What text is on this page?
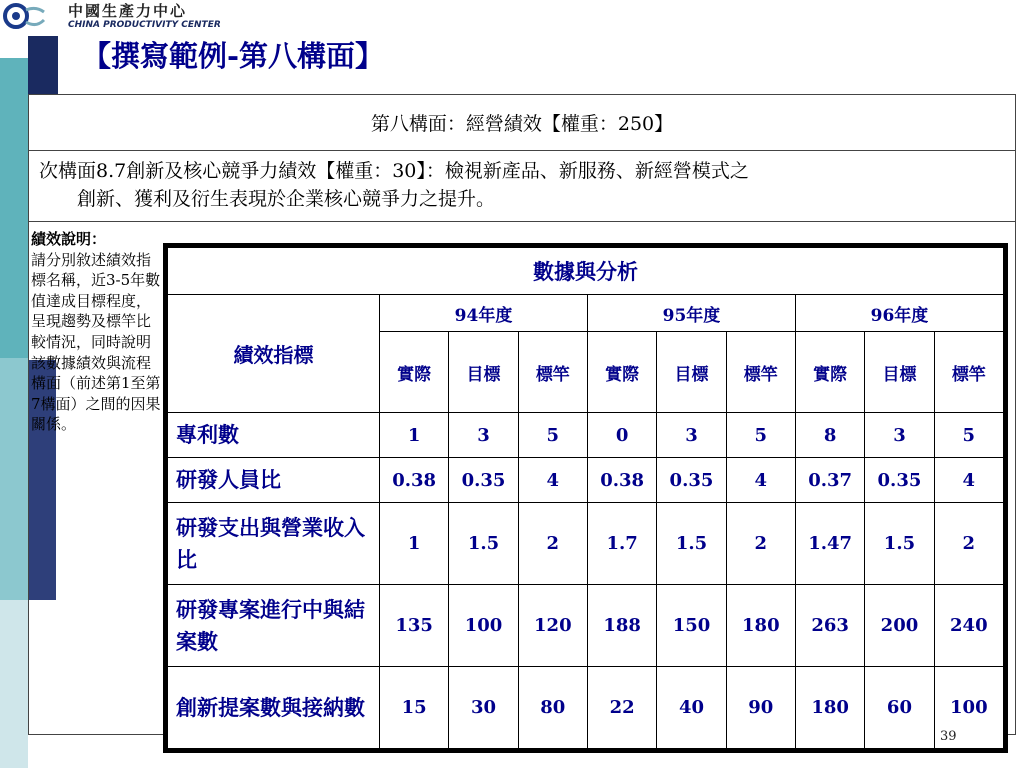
中國生產力中心
CHINA PRODUCTIVITY CENTER
【撰寫範例-第八構面】
第八構面：經營績效【權重：250】
次構面8.7創新及核心競爭力績效【權重：30】：檢視新產品、新服務、新經營模式之
創新、獲利及衍生表現於企業核心競爭力之提升。
績效說明：
請分別敘述績效指標名稱，近3-5年數值達成目標程度，呈現趨勢及標竿比較情況，同時說明該數據績效與流程構面（前述第1至第7構面）之間的因果關係。
數據與分析									
績效指標	94年度			95年度			96年度		
	實際	目標	標竿	實際	目標	標竿	實際	目標	標竿
專利數	1	3	5	0	3	5	8	3	5
研發人員比	0.38	0.35	4	0.38	0.35	4	0.37	0.35	4
研發支出與營業收入比	1	1.5	2	1.7	1.5	2	1.47	1.5	2
研發專案進行中與結案數	135	100	120	188	150	180	263	200	240
創新提案數與接納數	15	30	80	22	40	90	180	60	100
39
